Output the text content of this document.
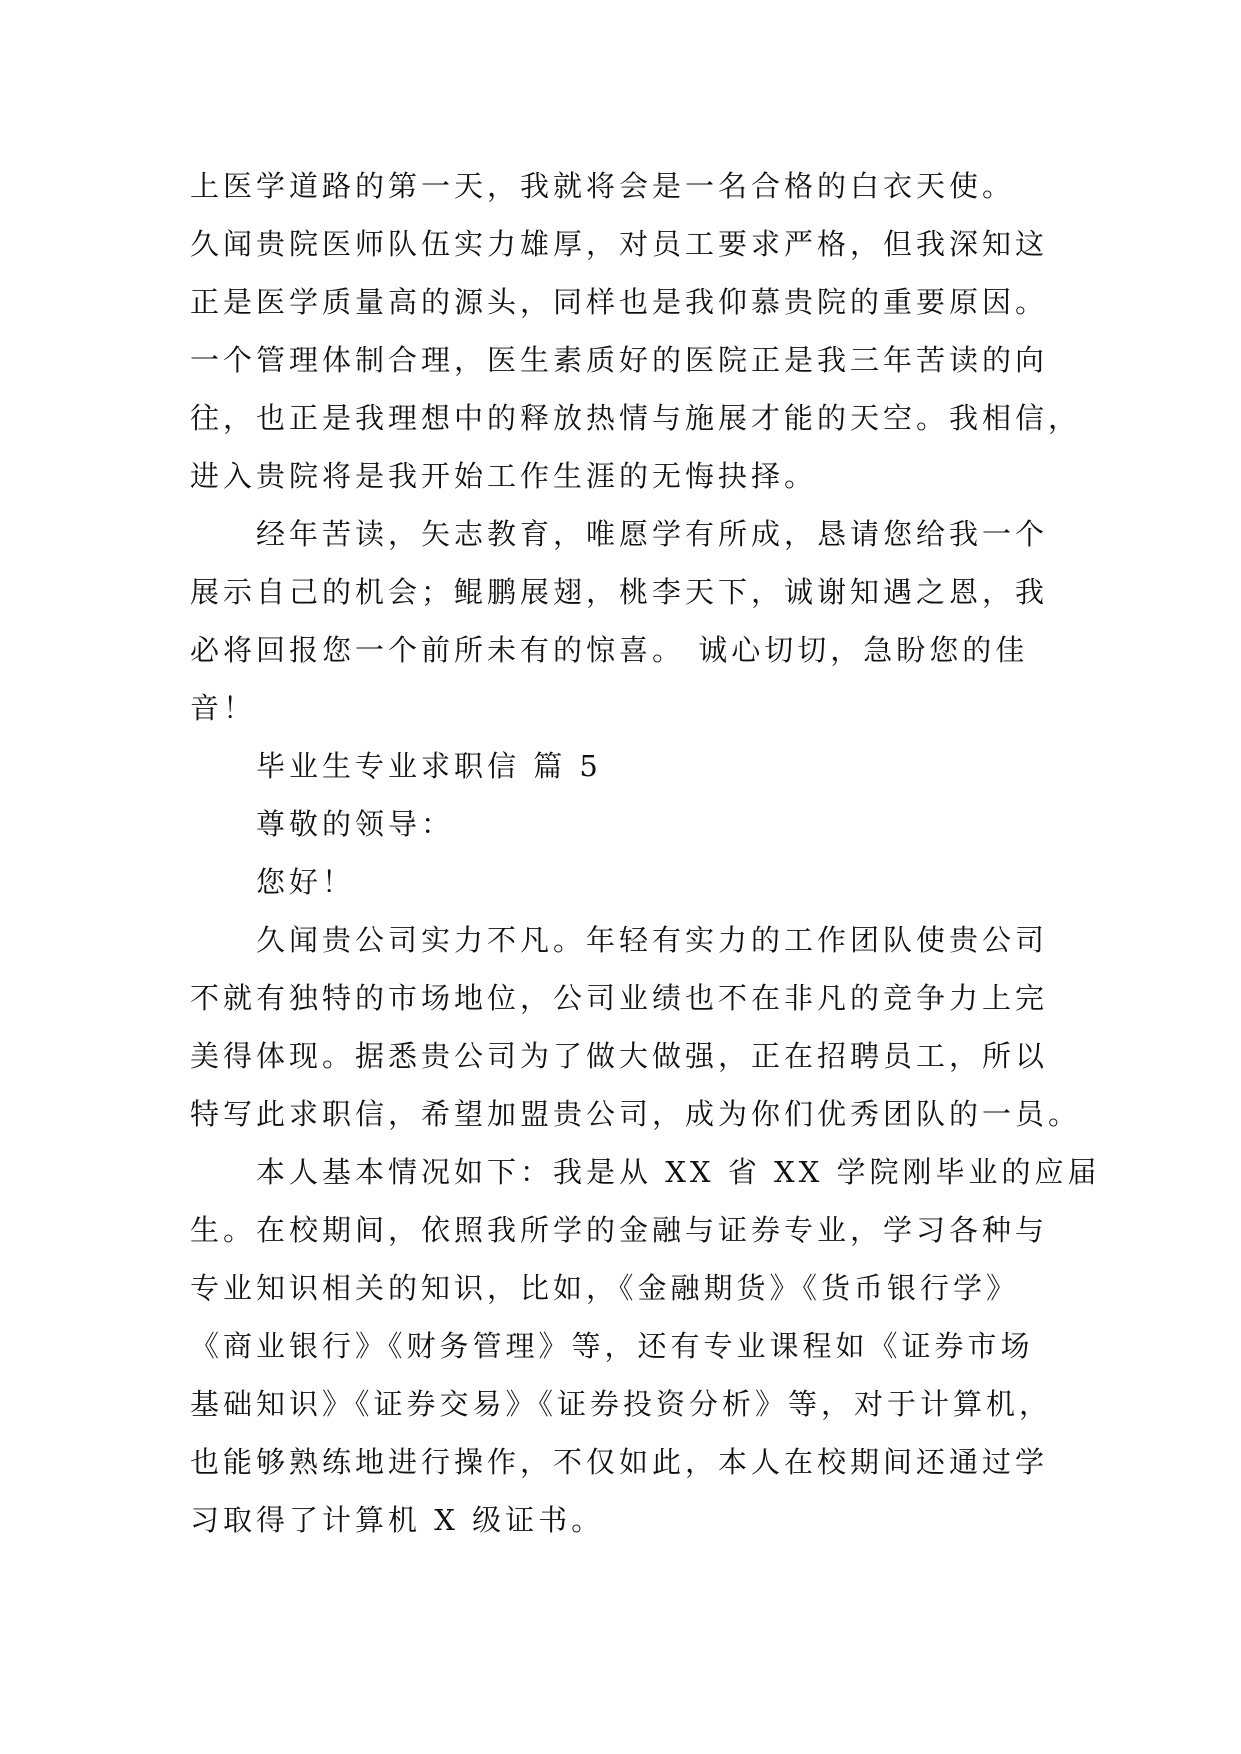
上医学道路的第一天，我就将会是一名合格的白衣天使。
久闻贵院医师队伍实力雄厚，对员工要求严格，但我深知这
正是医学质量高的源头，同样也是我仰慕贵院的重要原因。
一个管理体制合理，医生素质好的医院正是我三年苦读的向
往，也正是我理想中的释放热情与施展才能的天空。我相信，
进入贵院将是我开始工作生涯的无悔抉择。
经年苦读，矢志教育，唯愿学有所成，恳请您给我一个
展示自己的机会；鲲鹏展翅，桃李天下，诚谢知遇之恩，我
必将回报您一个前所未有的惊喜。 诚心切切，急盼您的佳
音！
毕业生专业求职信 篇 5
尊敬的领导：
您好！
久闻贵公司实力不凡。年轻有实力的工作团队使贵公司
不就有独特的市场地位，公司业绩也不在非凡的竞争力上完
美得体现。据悉贵公司为了做大做强，正在招聘员工，所以
特写此求职信，希望加盟贵公司，成为你们优秀团队的一员。
本人基本情况如下：我是从 XX 省 XX 学院刚毕业的应届
生。在校期间，依照我所学的金融与证券专业，学习各种与
专业知识相关的知识，比如，《金融期货》《货币银行学》
《商业银行》《财务管理》等，还有专业课程如《证券市场
基础知识》《证券交易》《证券投资分析》等，对于计算机，
也能够熟练地进行操作，不仅如此，本人在校期间还通过学
习取得了计算机 X 级证书。
